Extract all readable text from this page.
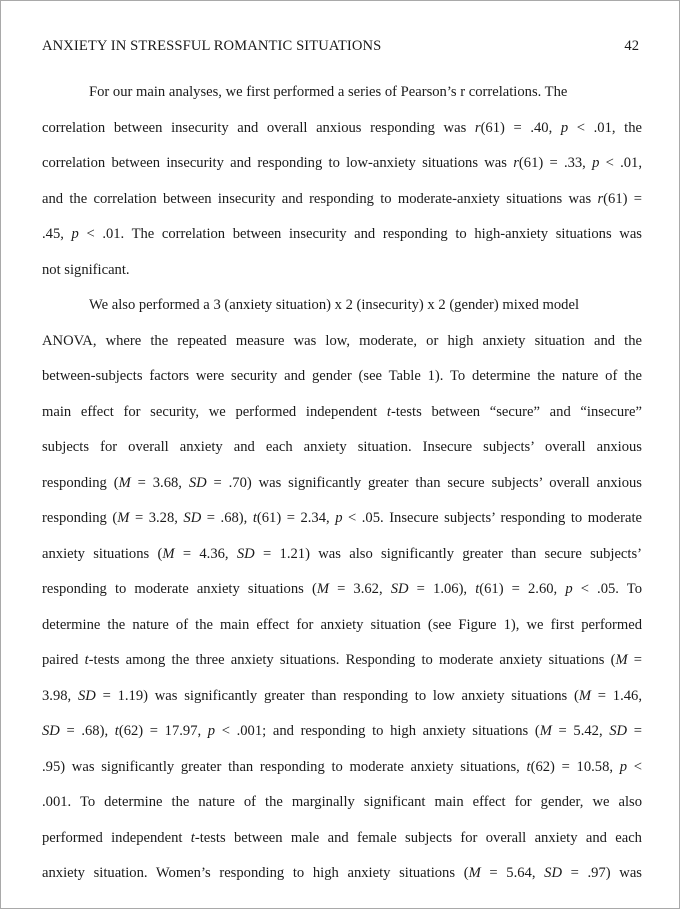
ANXIETY IN STRESSFUL ROMANTIC SITUATIONS	42
For our main analyses, we first performed a series of Pearson’s r correlations. The
correlation between insecurity and overall anxious responding was r(61) = .40, p < .01, the
correlation between insecurity and responding to low-anxiety situations was r(61) = .33, p < .01,
and the correlation between insecurity and responding to moderate-anxiety situations was r(61) =
.45, p < .01. The correlation between insecurity and responding to high-anxiety situations was
not significant.
We also performed a 3 (anxiety situation) x 2 (insecurity) x 2 (gender) mixed model
ANOVA, where the repeated measure was low, moderate, or high anxiety situation and the
between-subjects factors were security and gender (see Table 1). To determine the nature of the
main effect for security, we performed independent t-tests between “secure” and “insecure”
subjects for overall anxiety and each anxiety situation. Insecure subjects’ overall anxious
responding (M = 3.68, SD = .70) was significantly greater than secure subjects’ overall anxious
responding (M = 3.28, SD = .68), t(61) = 2.34, p < .05. Insecure subjects’ responding to moderate
anxiety situations (M = 4.36, SD = 1.21) was also significantly greater than secure subjects’
responding to moderate anxiety situations (M = 3.62, SD = 1.06), t(61) = 2.60, p < .05. To
determine the nature of the main effect for anxiety situation (see Figure 1), we first performed
paired t-tests among the three anxiety situations. Responding to moderate anxiety situations (M =
3.98, SD = 1.19) was significantly greater than responding to low anxiety situations (M = 1.46,
SD = .68), t(62) = 17.97, p < .001; and responding to high anxiety situations (M = 5.42, SD =
.95) was significantly greater than responding to moderate anxiety situations, t(62) = 10.58, p <
.001. To determine the nature of the marginally significant main effect for gender, we also
performed independent t-tests between male and female subjects for overall anxiety and each
anxiety situation. Women’s responding to high anxiety situations (M = 5.64, SD = .97) was
